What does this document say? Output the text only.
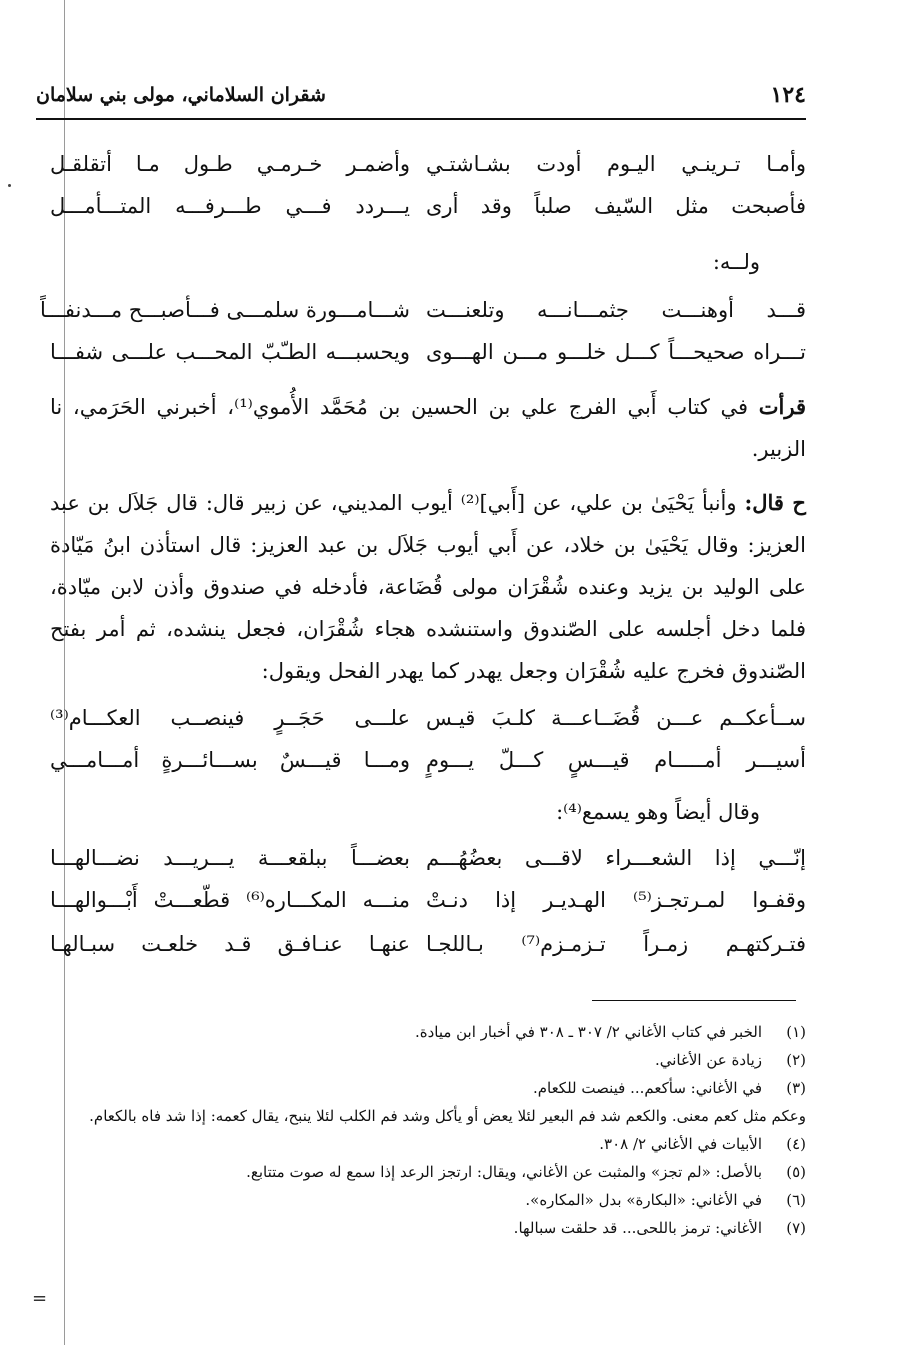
=
١٢٤
شقران السلاماني، مولى بني سلامان
وأمـا تـرينـي اليـوم أودت بشـاشتـي
وأضمـر خـرمـي طـول مـا أتقلقـل
فأصبحت مثل السّيف صلباً وقد أرى
يـــردد فـــي طـــرفـــه المتـــأمـــل
ولــه:
قـــد أوهنـــت جثمـــانـــه وتلعنـــت
شـــامـــورة سلمـــى فـــأصبـــح مـــدنفـــاً
تـــراه صحيحـــاً كـــل خلـــو مـــن الهـــوى
ويحسبـــه الطـّبّ المحـــب علـــى شفـــا

قرأت في كتاب أَبي الفرج علي بن الحسين بن مُحَمَّد الأُموي⁽¹⁾، أخبرني الحَرَمي، نا الزبير.

ح قال: وأنبأ يَحْيَىٰ بن علي، عن [أَبي]⁽²⁾ أيوب المديني، عن زبير قال: قال جَلاَل بن عبد العزيز: وقال يَحْيَىٰ بن خلاد، عن أَبي أيوب جَلاَل بن عبد العزيز: قال استأذن ابنُ مَيّادة على الوليد بن يزيد وعنده شُقْرَان مولى قُضَاعة، فأدخله في صندوق وأذن لابن ميّادة، فلما دخل أجلسه على الصّندوق واستنشده هجاء شُقْرَان، فجعل ينشده، ثم أمر بفتح الصّندوق فخرج عليه شُقْرَان وجعل يهدر كما يهدر الفحل ويقول:

ســأعكــم عـــن قُضَــاعـــة كلـبَ قيـس
علـــى حَجَــرٍ فينصــب العكـــام⁽³⁾
أسيـــر أمـــــام قيـــسٍ كـــلّ يـــومٍ
ومـــا قيـــسٌ بســـائـــرةٍ أمـــامـــي
وقال أيضاً وهو يسمع⁽⁴⁾:
إنّـــي إذا الشعـــراء لاقـــى بعضُهُـــم
بعضـــاً ببلقعـــة يـــريـــد نضـــالهـــا
وقفـوا لمـرتجـز⁽⁵⁾ الهـديـر إذا دنـتْ
منـــه المكـــاره⁽⁶⁾ قطّعـــتْ أَبْـــوالهـــا
فتـركتهـم زمـراً تـزمـزم⁽⁷⁾ بـاللجـا
عنهـا عنـافـق قـد خلعـت سبـالهـا
(١)
الخبر في كتاب الأغاني ٢/ ٣٠٧ ـ ٣٠٨ في أخبار ابن ميادة.
(٢)
زيادة عن الأغاني.
(٣)
في الأغاني: سأكعم... فينصت للكعام.
وعكم مثل كعم معنى. والكعم شد فم البعير لئلا يعض أو يأكل وشد فم الكلب لئلا ينبح، يقال كعمه: إذا شد فاه بالكعام.
(٤)
الأبيات في الأغاني ٢/ ٣٠٨.
(٥)
بالأصل: «لم تجز» والمثبت عن الأغاني، ويقال: ارتجز الرعد إذا سمع له صوت متتابع.
(٦)
في الأغاني: «البكارة» بدل «المكاره».
(٧)
الأغاني: ترمز باللحى... قد حلقت سبالها.
